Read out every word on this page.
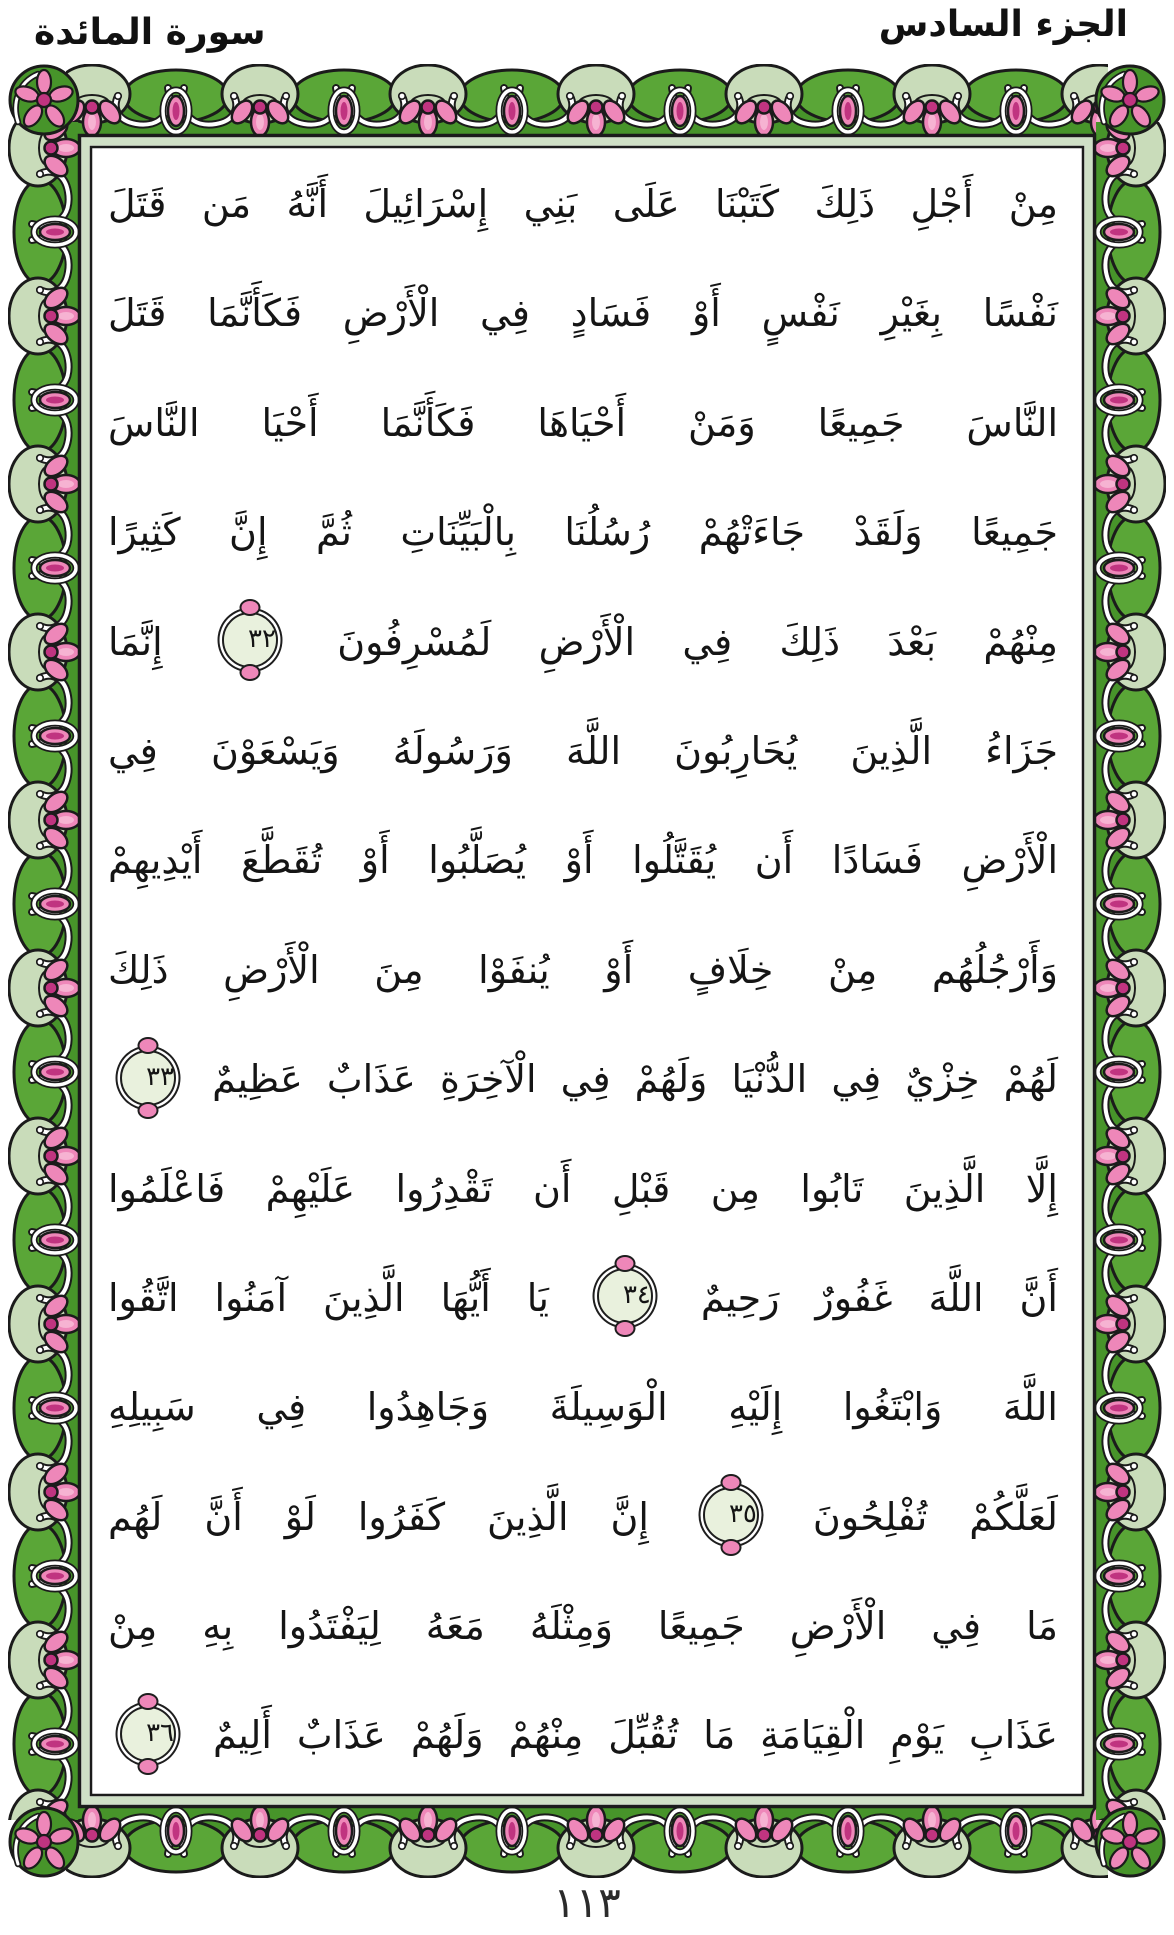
الجزء السادس
سورة المائدة
مِنْ أَجْلِ ذَلِكَ كَتَبْنَا عَلَى بَنِي إِسْرَائِيلَ أَنَّهُ مَن قَتَلَ
نَفْسًا بِغَيْرِ نَفْسٍ أَوْ فَسَادٍ فِي الْأَرْضِ فَكَأَنَّمَا قَتَلَ
النَّاسَ جَمِيعًا وَمَنْ أَحْيَاهَا فَكَأَنَّمَا أَحْيَا النَّاسَ
جَمِيعًا وَلَقَدْ جَاءَتْهُمْ رُسُلُنَا بِالْبَيِّنَاتِ ثُمَّ إِنَّ كَثِيرًا
مِنْهُمْ بَعْدَ ذَلِكَ فِي الْأَرْضِ لَمُسْرِفُونَ
٣٢
إِنَّمَا
جَزَاءُ الَّذِينَ يُحَارِبُونَ اللَّهَ وَرَسُولَهُ وَيَسْعَوْنَ فِي
الْأَرْضِ فَسَادًا أَن يُقَتَّلُوا أَوْ يُصَلَّبُوا أَوْ تُقَطَّعَ أَيْدِيهِمْ
وَأَرْجُلُهُم مِنْ خِلَافٍ أَوْ يُنفَوْا مِنَ الْأَرْضِ ذَلِكَ
لَهُمْ خِزْيٌ فِي الدُّنْيَا وَلَهُمْ فِي الْآخِرَةِ عَذَابٌ عَظِيمٌ
٣٣
إِلَّا الَّذِينَ تَابُوا مِن قَبْلِ أَن تَقْدِرُوا عَلَيْهِمْ فَاعْلَمُوا
أَنَّ اللَّهَ غَفُورٌ رَحِيمٌ
٣٤
يَا أَيُّهَا الَّذِينَ آمَنُوا اتَّقُوا
اللَّهَ وَابْتَغُوا إِلَيْهِ الْوَسِيلَةَ وَجَاهِدُوا فِي سَبِيلِهِ
لَعَلَّكُمْ تُفْلِحُونَ
٣٥
إِنَّ الَّذِينَ كَفَرُوا لَوْ أَنَّ لَهُم
مَا فِي الْأَرْضِ جَمِيعًا وَمِثْلَهُ مَعَهُ لِيَفْتَدُوا بِهِ مِنْ
عَذَابِ يَوْمِ الْقِيَامَةِ مَا تُقُبِّلَ مِنْهُمْ وَلَهُمْ عَذَابٌ أَلِيمٌ
٣٦
١١٣
